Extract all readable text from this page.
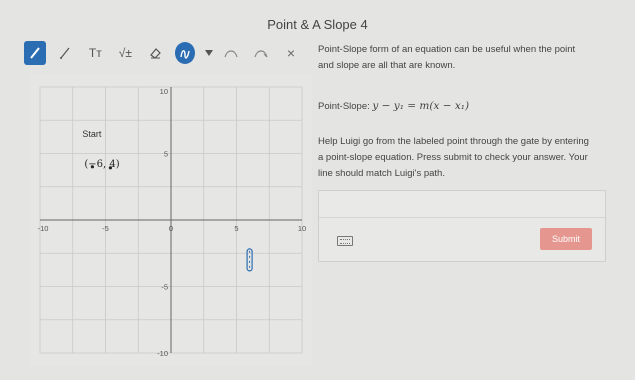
Point & A Slope 4
Tт √±	×
-10	-5	0	5	10
10
5
-5
-10
Start
(−6, 4)

Point-Slope form of an equation can be useful when the point
and slope are all that are known.

Point-Slope: y − y₁ = m(x − x₁)

Help Luigi go from the labeled point through the gate by entering
a point-slope equation. Press submit to check your answer. Your
line should match Luigi's path.

Submit
